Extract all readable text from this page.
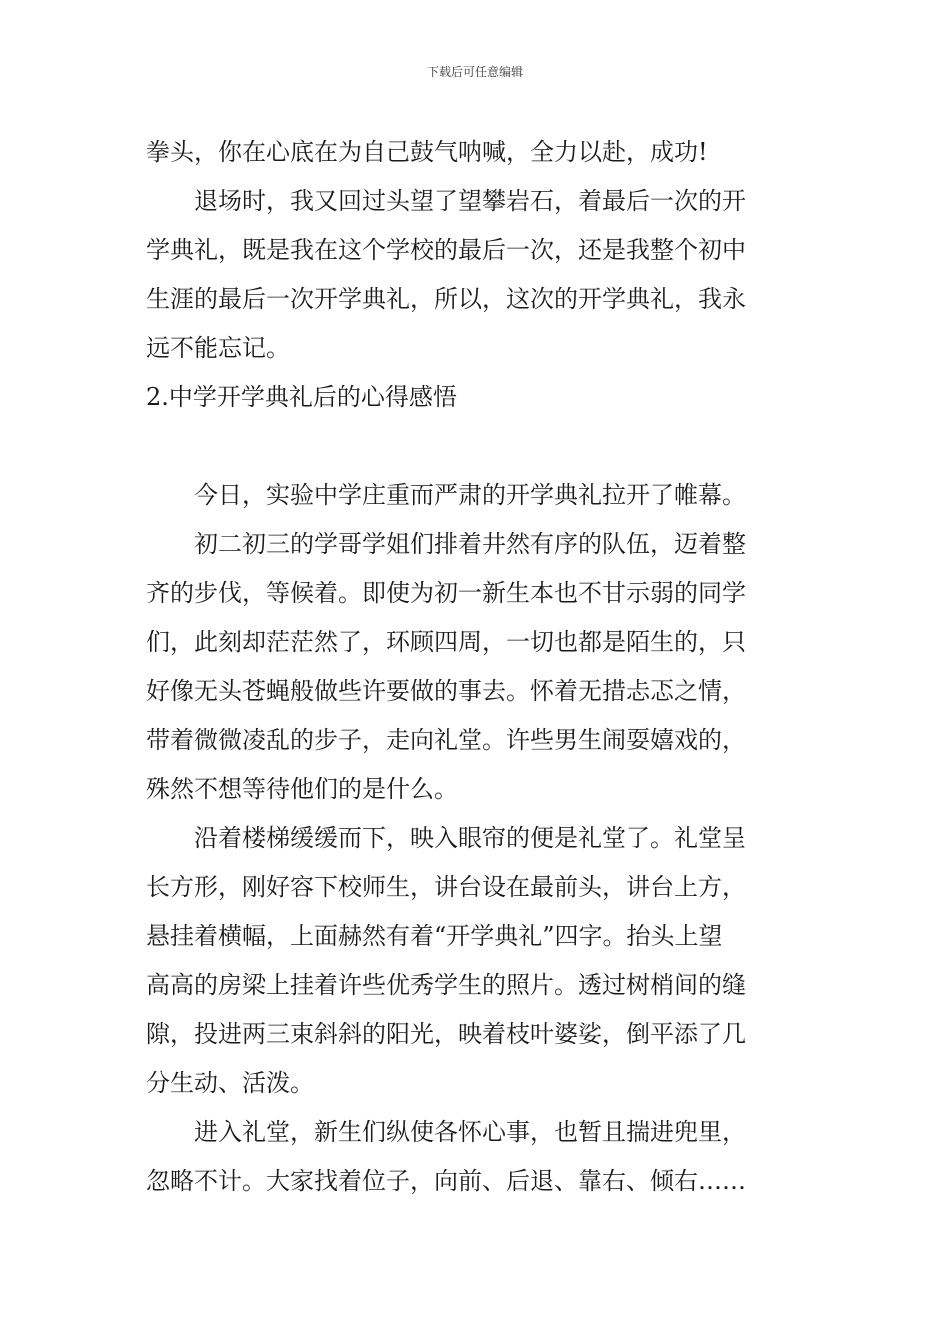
下载后可任意编辑

拳头，你在心底在为自己鼓气呐喊，全力以赴，成功!

退场时，我又回过头望了望攀岩石，着最后一次的开
学典礼，既是我在这个学校的最后一次，还是我整个初中
生涯的最后一次开学典礼，所以，这次的开学典礼，我永
远不能忘记。

2.中学开学典礼后的心得感悟

今日，实验中学庄重而严肃的开学典礼拉开了帷幕。

初二初三的学哥学姐们排着井然有序的队伍，迈着整
齐的步伐，等候着。即使为初一新生本也不甘示弱的同学
们，此刻却茫茫然了，环顾四周，一切也都是陌生的，只
好像无头苍蝇般做些许要做的事去。怀着无措忐忑之情，
带着微微凌乱的步子，走向礼堂。许些男生闹耍嬉戏的，
殊然不想等待他们的是什么。

沿着楼梯缓缓而下，映入眼帘的便是礼堂了。礼堂呈
长方形，刚好容下校师生，讲台设在最前头，讲台上方，
悬挂着横幅，上面赫然有着“开学典礼”四字。抬头上望
高高的房梁上挂着许些优秀学生的照片。透过树梢间的缝
隙，投进两三束斜斜的阳光，映着枝叶婆娑，倒平添了几
分生动、活泼。

进入礼堂，新生们纵使各怀心事，也暂且揣进兜里，
忽略不计。大家找着位子，向前、后退、靠右、倾右……
